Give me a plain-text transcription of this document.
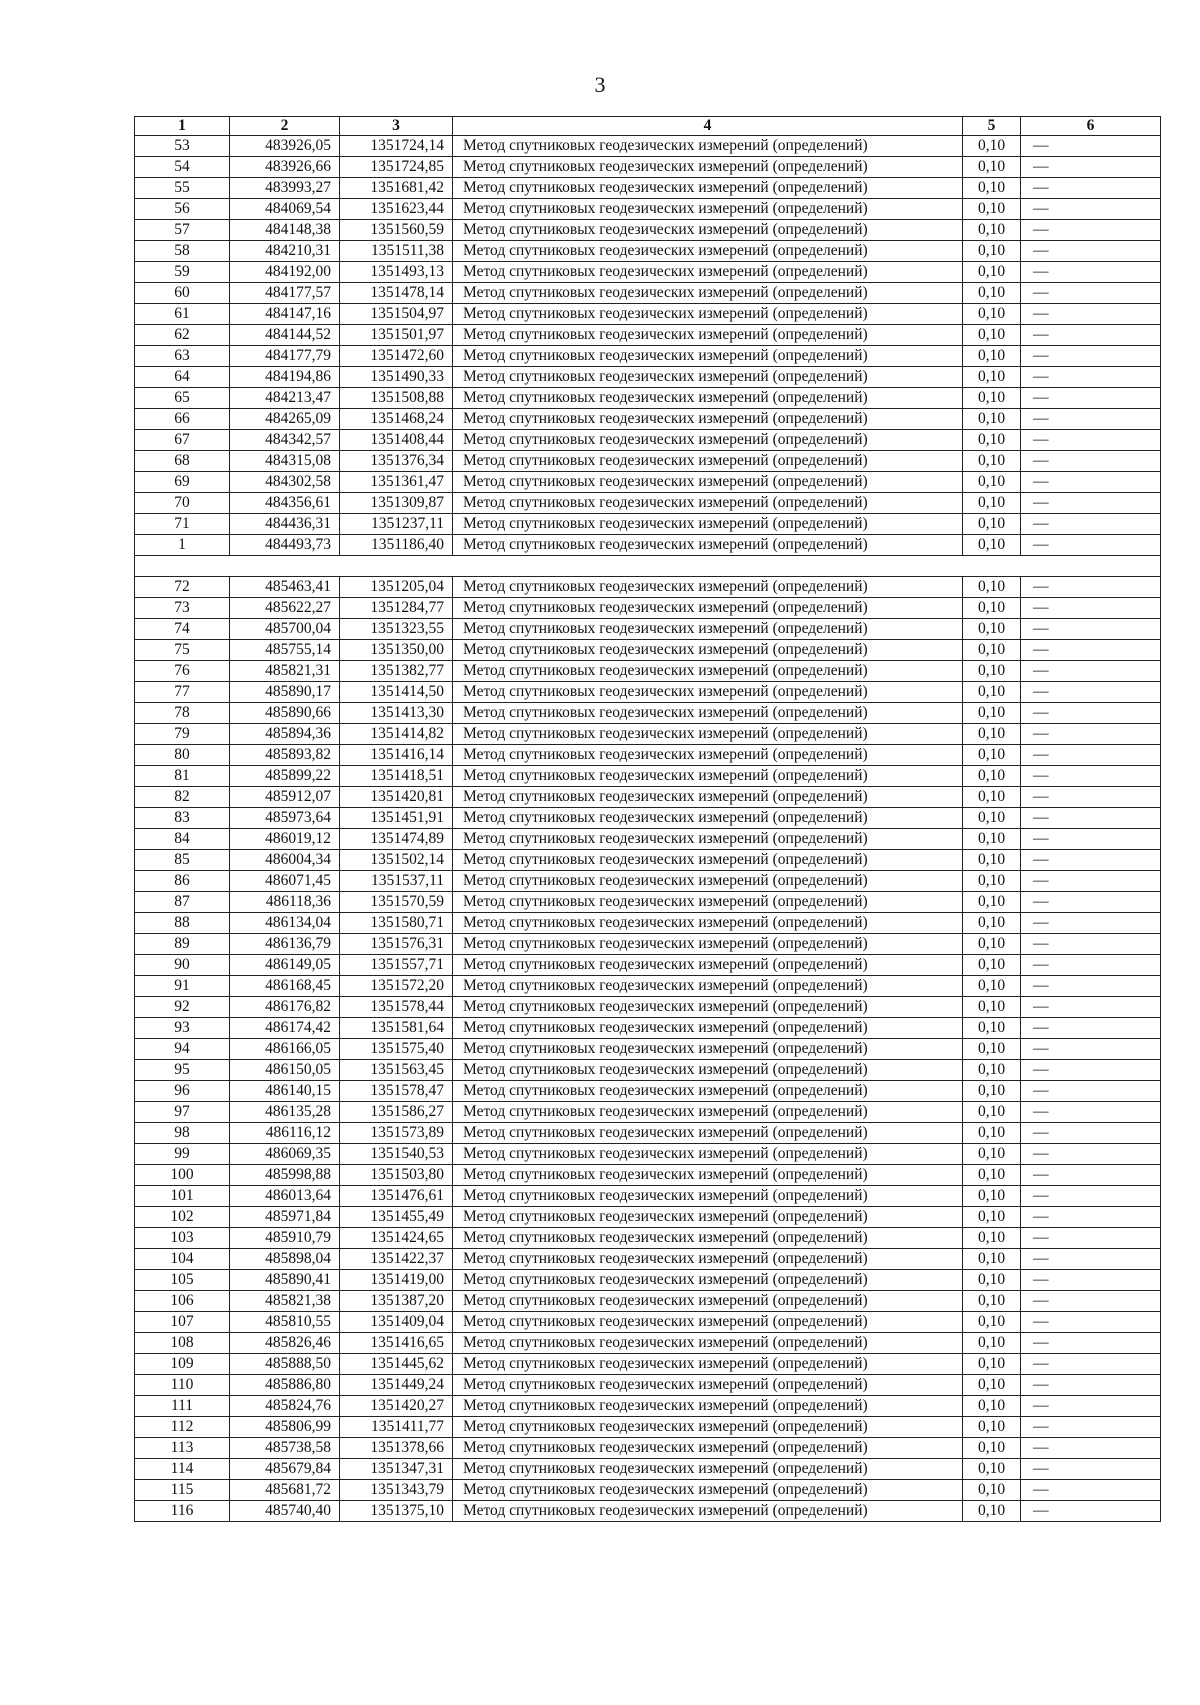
3
1	2	3	4	5	6
53	483926,05	1351724,14	Метод спутниковых геодезических измерений (определений)	0,10	—
54	483926,66	1351724,85	Метод спутниковых геодезических измерений (определений)	0,10	—
55	483993,27	1351681,42	Метод спутниковых геодезических измерений (определений)	0,10	—
56	484069,54	1351623,44	Метод спутниковых геодезических измерений (определений)	0,10	—
57	484148,38	1351560,59	Метод спутниковых геодезических измерений (определений)	0,10	—
58	484210,31	1351511,38	Метод спутниковых геодезических измерений (определений)	0,10	—
59	484192,00	1351493,13	Метод спутниковых геодезических измерений (определений)	0,10	—
60	484177,57	1351478,14	Метод спутниковых геодезических измерений (определений)	0,10	—
61	484147,16	1351504,97	Метод спутниковых геодезических измерений (определений)	0,10	—
62	484144,52	1351501,97	Метод спутниковых геодезических измерений (определений)	0,10	—
63	484177,79	1351472,60	Метод спутниковых геодезических измерений (определений)	0,10	—
64	484194,86	1351490,33	Метод спутниковых геодезических измерений (определений)	0,10	—
65	484213,47	1351508,88	Метод спутниковых геодезических измерений (определений)	0,10	—
66	484265,09	1351468,24	Метод спутниковых геодезических измерений (определений)	0,10	—
67	484342,57	1351408,44	Метод спутниковых геодезических измерений (определений)	0,10	—
68	484315,08	1351376,34	Метод спутниковых геодезических измерений (определений)	0,10	—
69	484302,58	1351361,47	Метод спутниковых геодезических измерений (определений)	0,10	—
70	484356,61	1351309,87	Метод спутниковых геодезических измерений (определений)	0,10	—
71	484436,31	1351237,11	Метод спутниковых геодезических измерений (определений)	0,10	—
1	484493,73	1351186,40	Метод спутниковых геодезических измерений (определений)	0,10	—

72	485463,41	1351205,04	Метод спутниковых геодезических измерений (определений)	0,10	—
73	485622,27	1351284,77	Метод спутниковых геодезических измерений (определений)	0,10	—
74	485700,04	1351323,55	Метод спутниковых геодезических измерений (определений)	0,10	—
75	485755,14	1351350,00	Метод спутниковых геодезических измерений (определений)	0,10	—
76	485821,31	1351382,77	Метод спутниковых геодезических измерений (определений)	0,10	—
77	485890,17	1351414,50	Метод спутниковых геодезических измерений (определений)	0,10	—
78	485890,66	1351413,30	Метод спутниковых геодезических измерений (определений)	0,10	—
79	485894,36	1351414,82	Метод спутниковых геодезических измерений (определений)	0,10	—
80	485893,82	1351416,14	Метод спутниковых геодезических измерений (определений)	0,10	—
81	485899,22	1351418,51	Метод спутниковых геодезических измерений (определений)	0,10	—
82	485912,07	1351420,81	Метод спутниковых геодезических измерений (определений)	0,10	—
83	485973,64	1351451,91	Метод спутниковых геодезических измерений (определений)	0,10	—
84	486019,12	1351474,89	Метод спутниковых геодезических измерений (определений)	0,10	—
85	486004,34	1351502,14	Метод спутниковых геодезических измерений (определений)	0,10	—
86	486071,45	1351537,11	Метод спутниковых геодезических измерений (определений)	0,10	—
87	486118,36	1351570,59	Метод спутниковых геодезических измерений (определений)	0,10	—
88	486134,04	1351580,71	Метод спутниковых геодезических измерений (определений)	0,10	—
89	486136,79	1351576,31	Метод спутниковых геодезических измерений (определений)	0,10	—
90	486149,05	1351557,71	Метод спутниковых геодезических измерений (определений)	0,10	—
91	486168,45	1351572,20	Метод спутниковых геодезических измерений (определений)	0,10	—
92	486176,82	1351578,44	Метод спутниковых геодезических измерений (определений)	0,10	—
93	486174,42	1351581,64	Метод спутниковых геодезических измерений (определений)	0,10	—
94	486166,05	1351575,40	Метод спутниковых геодезических измерений (определений)	0,10	—
95	486150,05	1351563,45	Метод спутниковых геодезических измерений (определений)	0,10	—
96	486140,15	1351578,47	Метод спутниковых геодезических измерений (определений)	0,10	—
97	486135,28	1351586,27	Метод спутниковых геодезических измерений (определений)	0,10	—
98	486116,12	1351573,89	Метод спутниковых геодезических измерений (определений)	0,10	—
99	486069,35	1351540,53	Метод спутниковых геодезических измерений (определений)	0,10	—
100	485998,88	1351503,80	Метод спутниковых геодезических измерений (определений)	0,10	—
101	486013,64	1351476,61	Метод спутниковых геодезических измерений (определений)	0,10	—
102	485971,84	1351455,49	Метод спутниковых геодезических измерений (определений)	0,10	—
103	485910,79	1351424,65	Метод спутниковых геодезических измерений (определений)	0,10	—
104	485898,04	1351422,37	Метод спутниковых геодезических измерений (определений)	0,10	—
105	485890,41	1351419,00	Метод спутниковых геодезических измерений (определений)	0,10	—
106	485821,38	1351387,20	Метод спутниковых геодезических измерений (определений)	0,10	—
107	485810,55	1351409,04	Метод спутниковых геодезических измерений (определений)	0,10	—
108	485826,46	1351416,65	Метод спутниковых геодезических измерений (определений)	0,10	—
109	485888,50	1351445,62	Метод спутниковых геодезических измерений (определений)	0,10	—
110	485886,80	1351449,24	Метод спутниковых геодезических измерений (определений)	0,10	—
111	485824,76	1351420,27	Метод спутниковых геодезических измерений (определений)	0,10	—
112	485806,99	1351411,77	Метод спутниковых геодезических измерений (определений)	0,10	—
113	485738,58	1351378,66	Метод спутниковых геодезических измерений (определений)	0,10	—
114	485679,84	1351347,31	Метод спутниковых геодезических измерений (определений)	0,10	—
115	485681,72	1351343,79	Метод спутниковых геодезических измерений (определений)	0,10	—
116	485740,40	1351375,10	Метод спутниковых геодезических измерений (определений)	0,10	—
